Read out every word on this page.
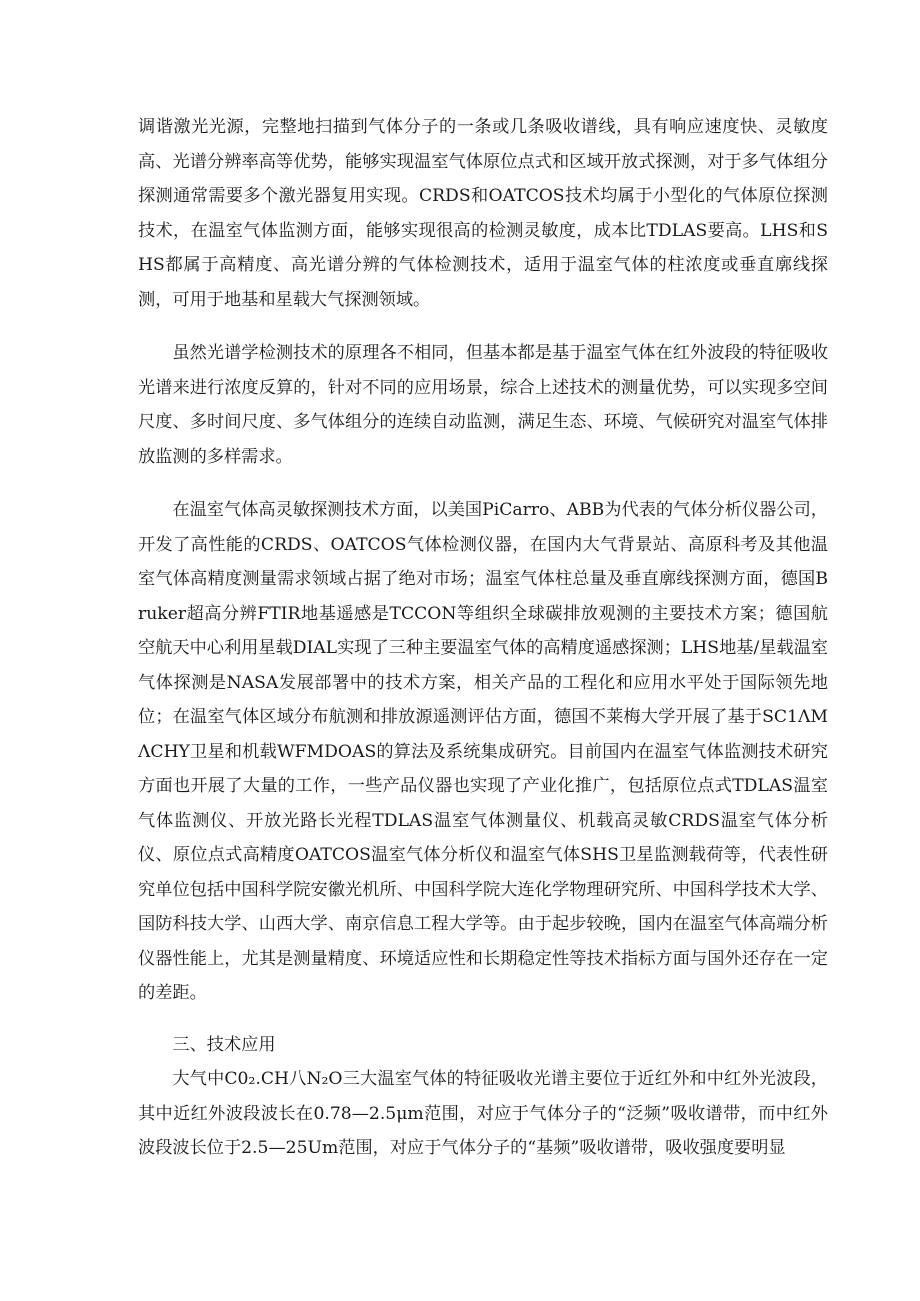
调谐激光光源，完整地扫描到气体分子的一条或几条吸收谱线，具有响应速度快、灵敏度高、光谱分辨率高等优势，能够实现温室气体原位点式和区域开放式探测，对于多气体组分探测通常需要多个激光器复用实现。CRDS和OATCOS技术均属于小型化的气体原位探测技术，在温室气体监测方面，能够实现很高的检测灵敏度，成本比TDLAS要高。LHS和SHS都属于高精度、高光谱分辨的气体检测技术，适用于温室气体的柱浓度或垂直廓线探测，可用于地基和星载大气探测领域。

虽然光谱学检测技术的原理各不相同，但基本都是基于温室气体在红外波段的特征吸收光谱来进行浓度反算的，针对不同的应用场景，综合上述技术的测量优势，可以实现多空间尺度、多时间尺度、多气体组分的连续自动监测，满足生态、环境、气候研究对温室气体排放监测的多样需求。

在温室气体高灵敏探测技术方面，以美国PiCarro、ABB为代表的气体分析仪器公司，开发了高性能的CRDS、OATCOS气体检测仪器，在国内大气背景站、高原科考及其他温室气体高精度测量需求领域占据了绝对市场；温室气体柱总量及垂直廓线探测方面，德国Bruker超高分辨FTIR地基遥感是TCCON等组织全球碳排放观测的主要技术方案；德国航空航天中心利用星载DIAL实现了三种主要温室气体的高精度遥感探测；LHS地基/星载温室气体探测是NASA发展部署中的技术方案，相关产品的工程化和应用水平处于国际领先地位；在温室气体区域分布航测和排放源遥测评估方面，德国不莱梅大学开展了基于SC1ΛMΛCHY卫星和机载WFMDOAS的算法及系统集成研究。目前国内在温室气体监测技术研究方面也开展了大量的工作，一些产品仪器也实现了产业化推广，包括原位点式TDLAS温室气体监测仪、开放光路长光程TDLAS温室气体测量仪、机载高灵敏CRDS温室气体分析仪、原位点式高精度OATCOS温室气体分析仪和温室气体SHS卫星监测载荷等，代表性研究单位包括中国科学院安徽光机所、中国科学院大连化学物理研究所、中国科学技术大学、国防科技大学、山西大学、南京信息工程大学等。由于起步较晚，国内在温室气体高端分析仪器性能上，尤其是测量精度、环境适应性和长期稳定性等技术指标方面与国外还存在一定的差距。

三、技术应用

大气中C0₂.CH八N₂O三大温室气体的特征吸收光谱主要位于近红外和中红外光波段，其中近红外波段波长在0.78—2.5μm范围，对应于气体分子的“泛频”吸收谱带，而中红外波段波长位于2.5—25Um范围，对应于气体分子的“基频”吸收谱带，吸收强度要明显
